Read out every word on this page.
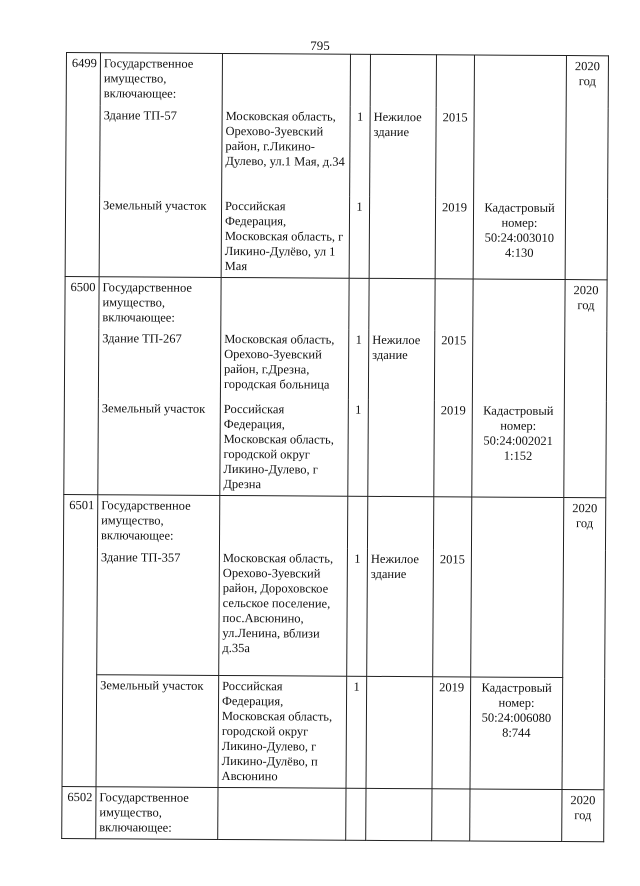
795
6499	Государственное имущество, включающее:						2020 год
	Здание ТП-57	Московская область, Орехово-Зуевский район, г.Ликино-Дулево, ул.1 Мая, д.34	1	Нежилое здание	2015		
	Земельный участок	Российская Федерация, Московская область, г Ликино-Дулёво, ул 1 Мая	1		2019	Кадастровый номер: 50:24:003010 4:130	
6500	Государственное имущество, включающее:						2020 год
	Здание ТП-267	Московская область, Орехово-Зуевский район, г.Дрезна, городская больница	1	Нежилое здание	2015		
	Земельный участок	Российская Федерация, Московская область, городской округ Ликино-Дулево, г Дрезна	1		2019	Кадастровый номер: 50:24:002021 1:152	
6501	Государственное имущество, включающее:						2020 год
	Здание ТП-357	Московская область, Орехово-Зуевский район, Дороховское сельское поселение, пос.Авсюнино, ул.Ленина, вблизи д.35а	1	Нежилое здание	2015		
	Земельный участок	Российская Федерация, Московская область, городской округ Ликино-Дулево, г Ликино-Дулёво, п Авсюнино	1		2019	Кадастровый номер: 50:24:006080 8:744	
6502	Государственное имущество, включающее:						2020 год
